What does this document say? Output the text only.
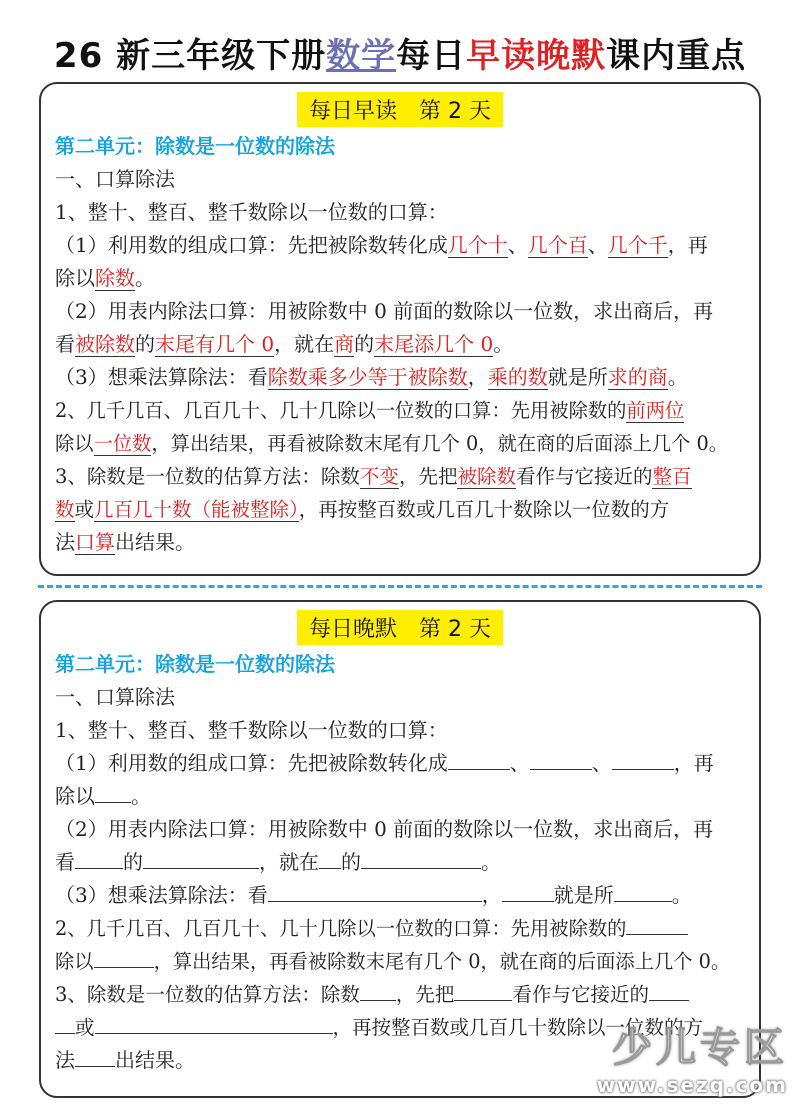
26 新三年级下册数学每日早读晚默课内重点
每日早读　第 2 天
第二单元：除数是一位数的除法
一、口算除法
1、整十、整百、整千数除以一位数的口算：
（1）利用数的组成口算：先把被除数转化成几个十、几个百、几个千，再
除以除数。
（2）用表内除法口算：用被除数中 0 前面的数除以一位数，求出商后，再
看被除数的末尾有几个 0，就在商的末尾添几个 0。
（3）想乘法算除法：看除数乘多少等于被除数，乘的数就是所求的商。
2、几千几百、几百几十、几十几除以一位数的口算：先用被除数的前两位
除以一位数，算出结果，再看被除数末尾有几个 0，就在商的后面添上几个 0。
3、除数是一位数的估算方法：除数不变，先把被除数看作与它接近的整百
数或几百几十数（能被整除），再按整百数或几百几十数除以一位数的方
法口算出结果。
每日晚默　第 2 天
第二单元：除数是一位数的除法
一、口算除法
1、整十、整百、整千数除以一位数的口算：
（1）利用数的组成口算：先把被除数转化成	、	、	，再
除以 。
（2）用表内除法口算：用被除数中 0 前面的数除以一位数，求出商后，再
看 的	，就在 的	。
（3）想乘法算除法：看	，	就是所	。
2、几千几百、几百几十、几十几除以一位数的口算：先用被除数的
除以	，算出结果，再看被除数末尾有几个 0，就在商的后面添上几个 0。
3、除数是一位数的估算方法：除数 ，先把	看作与它接近的
或	，再按整百数或几百几十数除以一位数的方
法 出结果。	少儿专区
www.sezq.com
